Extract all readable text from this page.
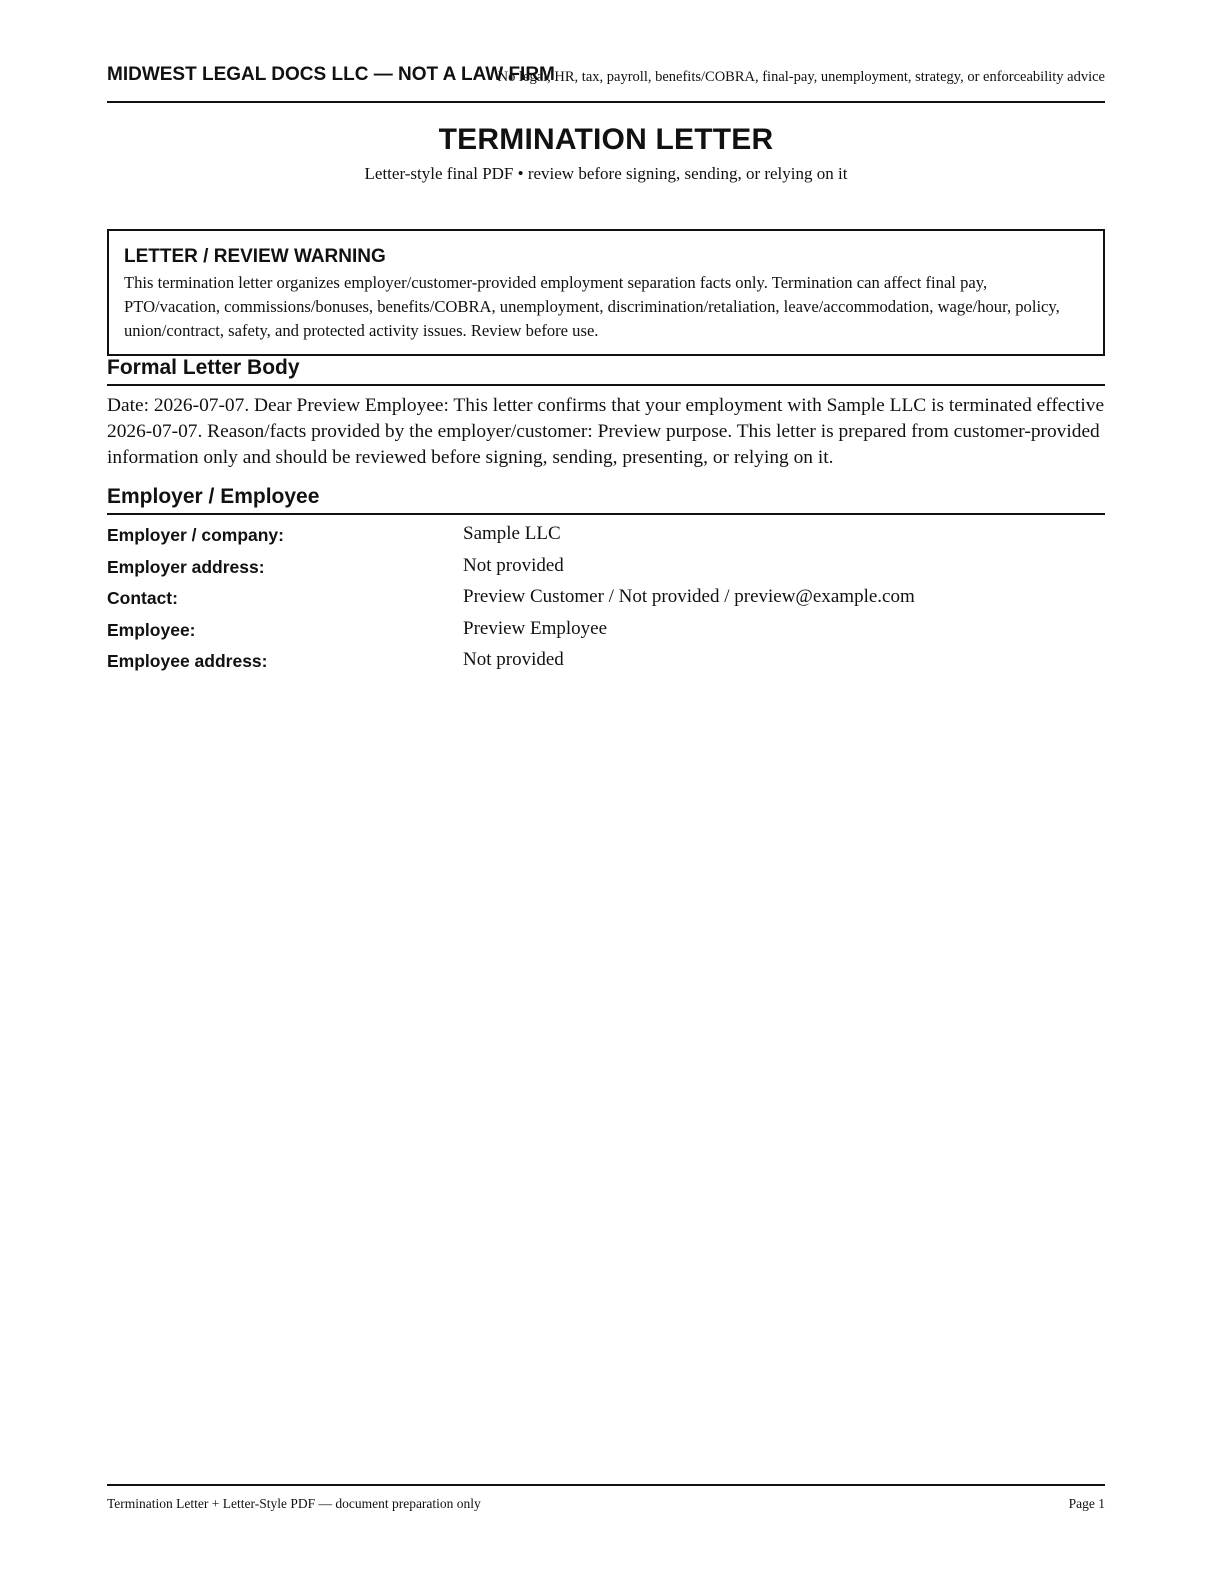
MIDWEST LEGAL DOCS LLC — NOT A LAW FIRM
No legal, HR, tax, payroll, benefits/COBRA, final-pay, unemployment, strategy, or enforceability advice
TERMINATION LETTER
Letter-style final PDF • review before signing, sending, or relying on it
LETTER / REVIEW WARNING

This termination letter organizes employer/customer-provided employment separation facts only. Termination can affect final pay, PTO/vacation, commissions/bonuses, benefits/COBRA, unemployment, discrimination/retaliation, leave/accommodation, wage/hour, policy, union/contract, safety, and protected activity issues. Review before use.

Formal Letter Body

Date: 2026-07-07. Dear Preview Employee: This letter confirms that your employment with Sample LLC is terminated effective 2026-07-07. Reason/facts provided by the employer/customer: Preview purpose. This letter is prepared from customer-provided information only and should be reviewed before signing, sending, presenting, or relying on it.

Employer / Employee
Employer / company:	Sample LLC
Employer address:	Not provided
Contact:	Preview Customer / Not provided / preview@example.com
Employee:	Preview Employee
Employee address:	Not provided
Termination Letter + Letter-Style PDF — document preparation only	Page 1
